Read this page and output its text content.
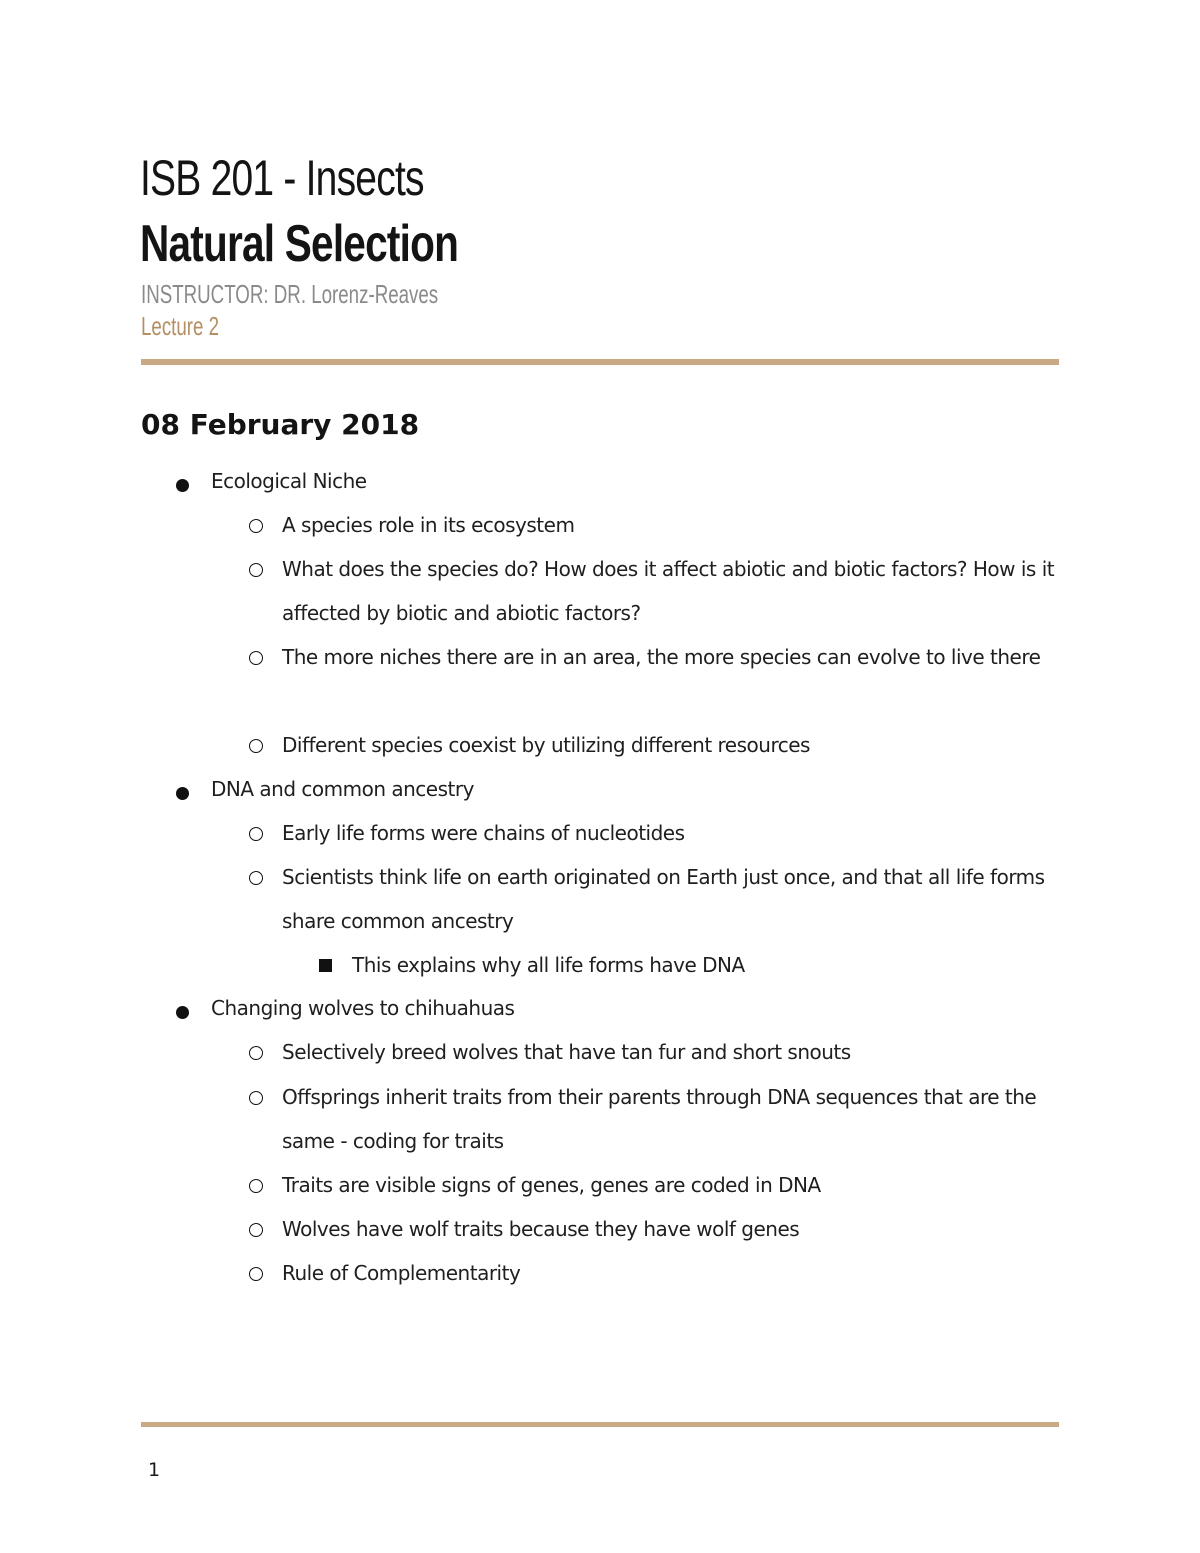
ISB 201 - Insects
Natural Selection
INSTRUCTOR: DR. Lorenz-Reaves
Lecture 2
08 February 2018
Ecological Niche
A species role in its ecosystem
What does the species do? How does it affect abiotic and biotic factors? How is it affected by biotic and abiotic factors?
The more niches there are in an area, the more species can evolve to live there
Different species coexist by utilizing different resources
DNA and common ancestry
Early life forms were chains of nucleotides
Scientists think life on earth originated on Earth just once, and that all life forms share common ancestry
This explains why all life forms have DNA
Changing wolves to chihuahuas
Selectively breed wolves that have tan fur and short snouts
Offsprings inherit traits from their parents through DNA sequences that are the same - coding for traits
Traits are visible signs of genes, genes are coded in DNA
Wolves have wolf traits because they have wolf genes
Rule of Complementarity
1
